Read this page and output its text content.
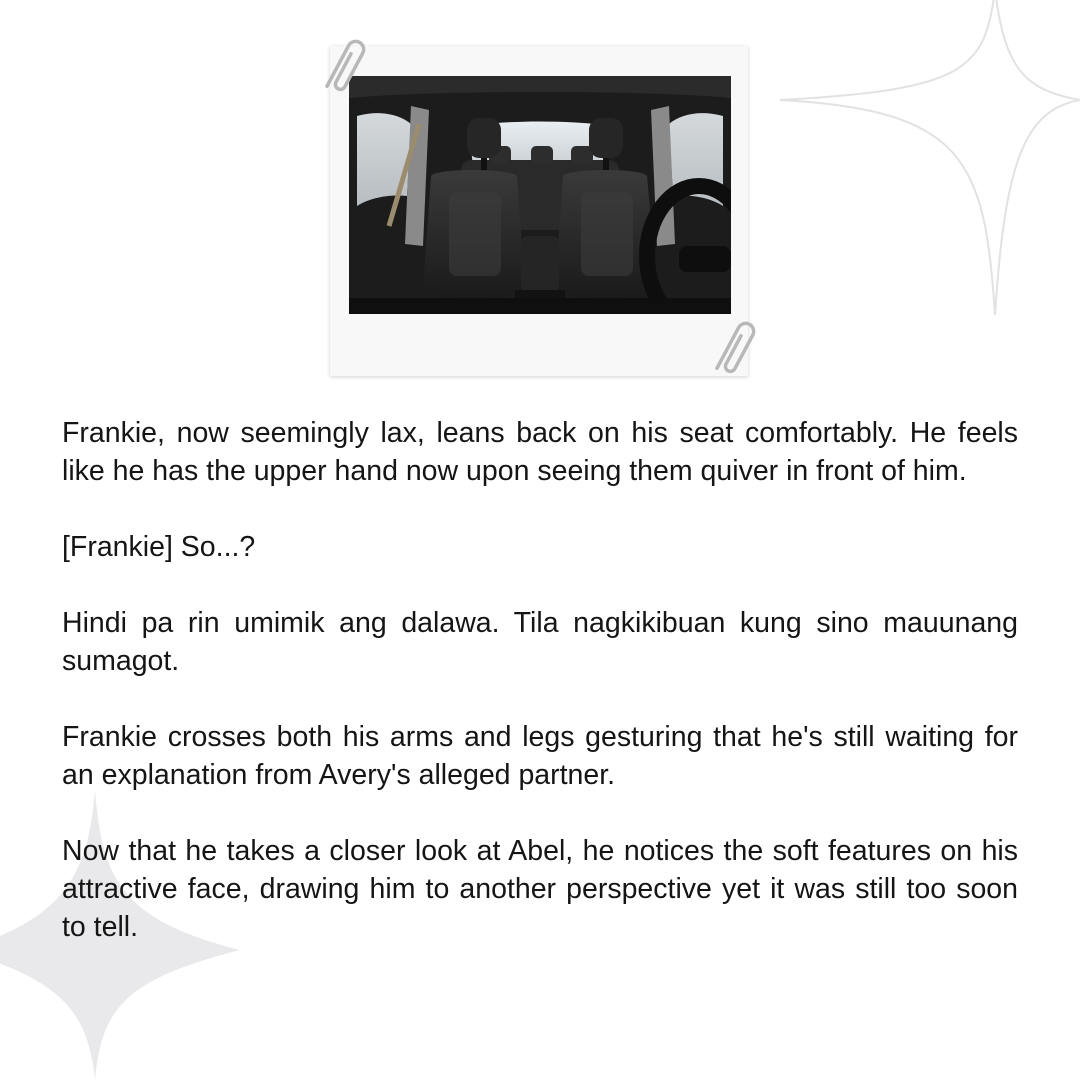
Frankie, now seemingly lax, leans back on his seat comfortably. He feels like he has the upper hand now upon seeing them quiver in front of him.

[Frankie] So...?

Hindi pa rin umimik ang dalawa. Tila nagkikibuan kung sino mauunang sumagot.

Frankie crosses both his arms and legs gesturing that he's still waiting for an explanation from Avery's alleged partner.

Now that he takes a closer look at Abel, he notices the soft features on his attractive face, drawing him to another perspective yet it was still too soon to tell.
